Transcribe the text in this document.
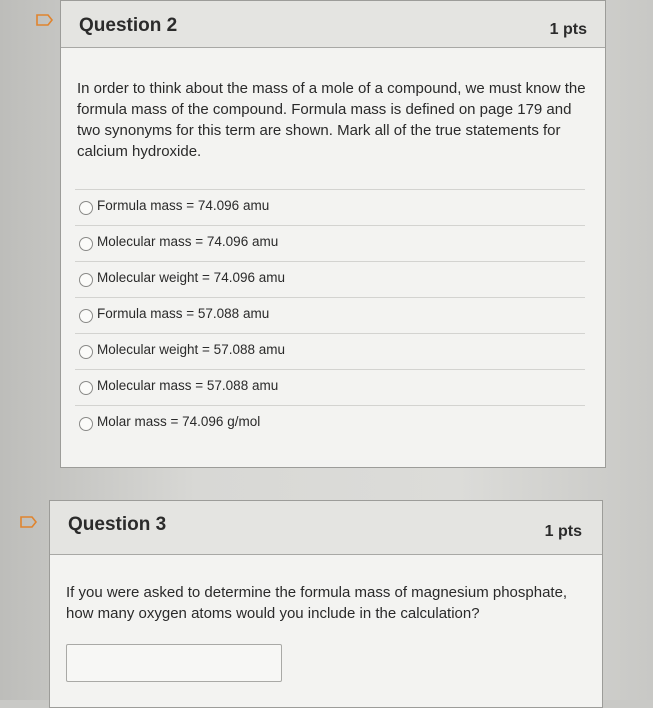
Question 2	1 pts
In order to think about the mass of a mole of a compound, we must know the formula mass of the compound. Formula mass is defined on page 179 and two synonyms for this term are shown. Mark all of the true statements for calcium hydroxide.
Formula mass = 74.096 amu
Molecular mass = 74.096 amu
Molecular weight = 74.096 amu
Formula mass = 57.088 amu
Molecular weight = 57.088 amu
Molecular mass = 57.088 amu
Molar mass = 74.096 g/mol
Question 3	1 pts
If you were asked to determine the formula mass of magnesium phosphate, how many oxygen atoms would you include in the calculation?
